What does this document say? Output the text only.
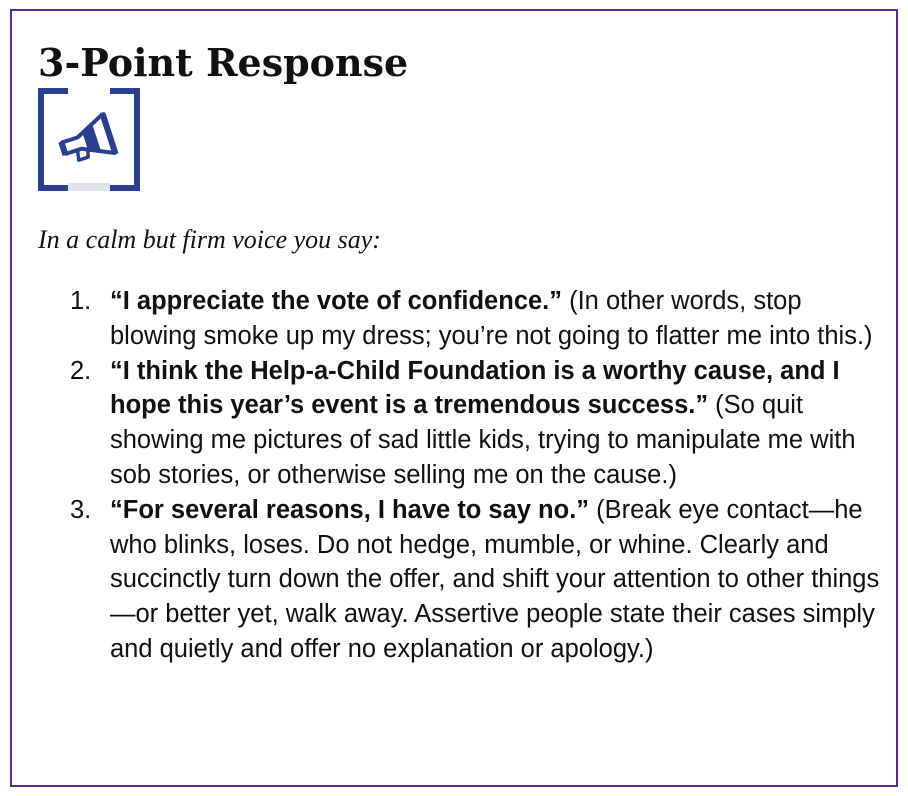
3-Point Response

In a calm but firm voice you say:

1. “I appreciate the vote of confidence.” (In other words, stop blowing smoke up my dress; you’re not going to flatter me into this.)
2. “I think the Help-a-Child Foundation is a worthy cause, and I hope this year’s event is a tremendous success.” (So quit showing me pictures of sad little kids, trying to manipulate me with sob stories, or otherwise selling me on the cause.)
3. “For several reasons, I have to say no.” (Break eye contact—he who blinks, loses. Do not hedge, mumble, or whine. Clearly and succinctly turn down the offer, and shift your attention to other things—or better yet, walk away. Assertive people state their cases simply and quietly and offer no explanation or apology.)
